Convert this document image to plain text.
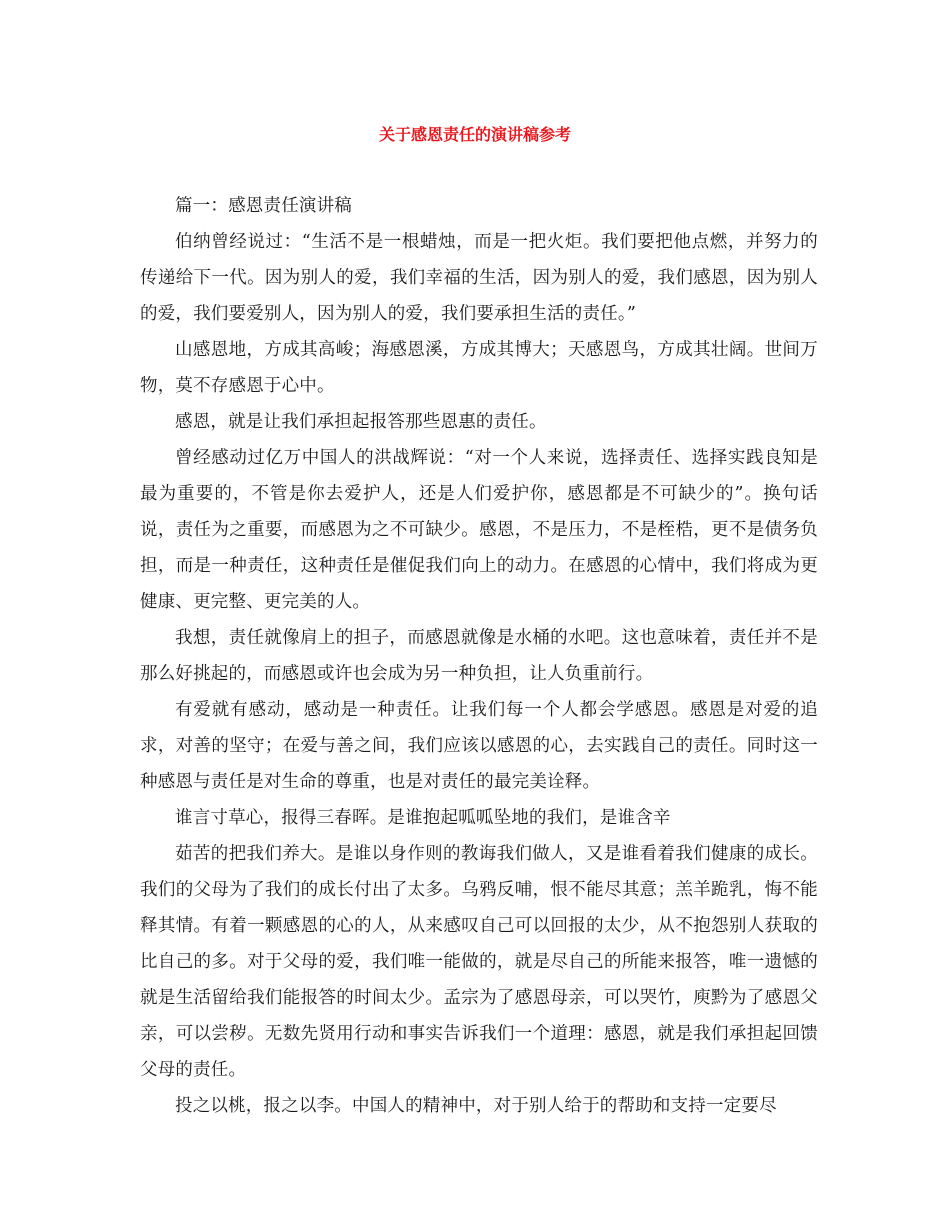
关于感恩责任的演讲稿参考

篇一：感恩责任演讲稿

伯纳曾经说过：“生活不是一根蜡烛，而是一把火炬。我们要把他点燃，并努力的传递给下一代。因为别人的爱，我们幸福的生活，因为别人的爱，我们感恩，因为别人的爱，我们要爱别人，因为别人的爱，我们要承担生活的责任。”

山感恩地，方成其高峻；海感恩溪，方成其博大；天感恩鸟，方成其壮阔。世间万物，莫不存感恩于心中。

感恩，就是让我们承担起报答那些恩惠的责任。

曾经感动过亿万中国人的洪战辉说：“对一个人来说，选择责任、选择实践良知是最为重要的，不管是你去爱护人，还是人们爱护你，感恩都是不可缺少的”。换句话说，责任为之重要，而感恩为之不可缺少。感恩，不是压力，不是桎梏，更不是债务负担，而是一种责任，这种责任是催促我们向上的动力。在感恩的心情中，我们将成为更健康、更完整、更完美的人。

我想，责任就像肩上的担子，而感恩就像是水桶的水吧。这也意味着，责任并不是那么好挑起的，而感恩或许也会成为另一种负担，让人负重前行。

有爱就有感动，感动是一种责任。让我们每一个人都会学感恩。感恩是对爱的追求，对善的坚守；在爱与善之间，我们应该以感恩的心，去实践自己的责任。同时这一种感恩与责任是对生命的尊重，也是对责任的最完美诠释。

谁言寸草心，报得三春晖。是谁抱起呱呱坠地的我们，是谁含辛

茹苦的把我们养大。是谁以身作则的教诲我们做人，又是谁看着我们健康的成长。我们的父母为了我们的成长付出了太多。乌鸦反哺，恨不能尽其意；羔羊跪乳，悔不能释其情。有着一颗感恩的心的人，从来感叹自己可以回报的太少，从不抱怨别人获取的比自己的多。对于父母的爱，我们唯一能做的，就是尽自己的所能来报答，唯一遗憾的就是生活留给我们能报答的时间太少。孟宗为了感恩母亲，可以哭竹，庾黔为了感恩父亲，可以尝秽。无数先贤用行动和事实告诉我们一个道理：感恩，就是我们承担起回馈父母的责任。

投之以桃，报之以李。中国人的精神中，对于别人给于的帮助和支持一定要尽
